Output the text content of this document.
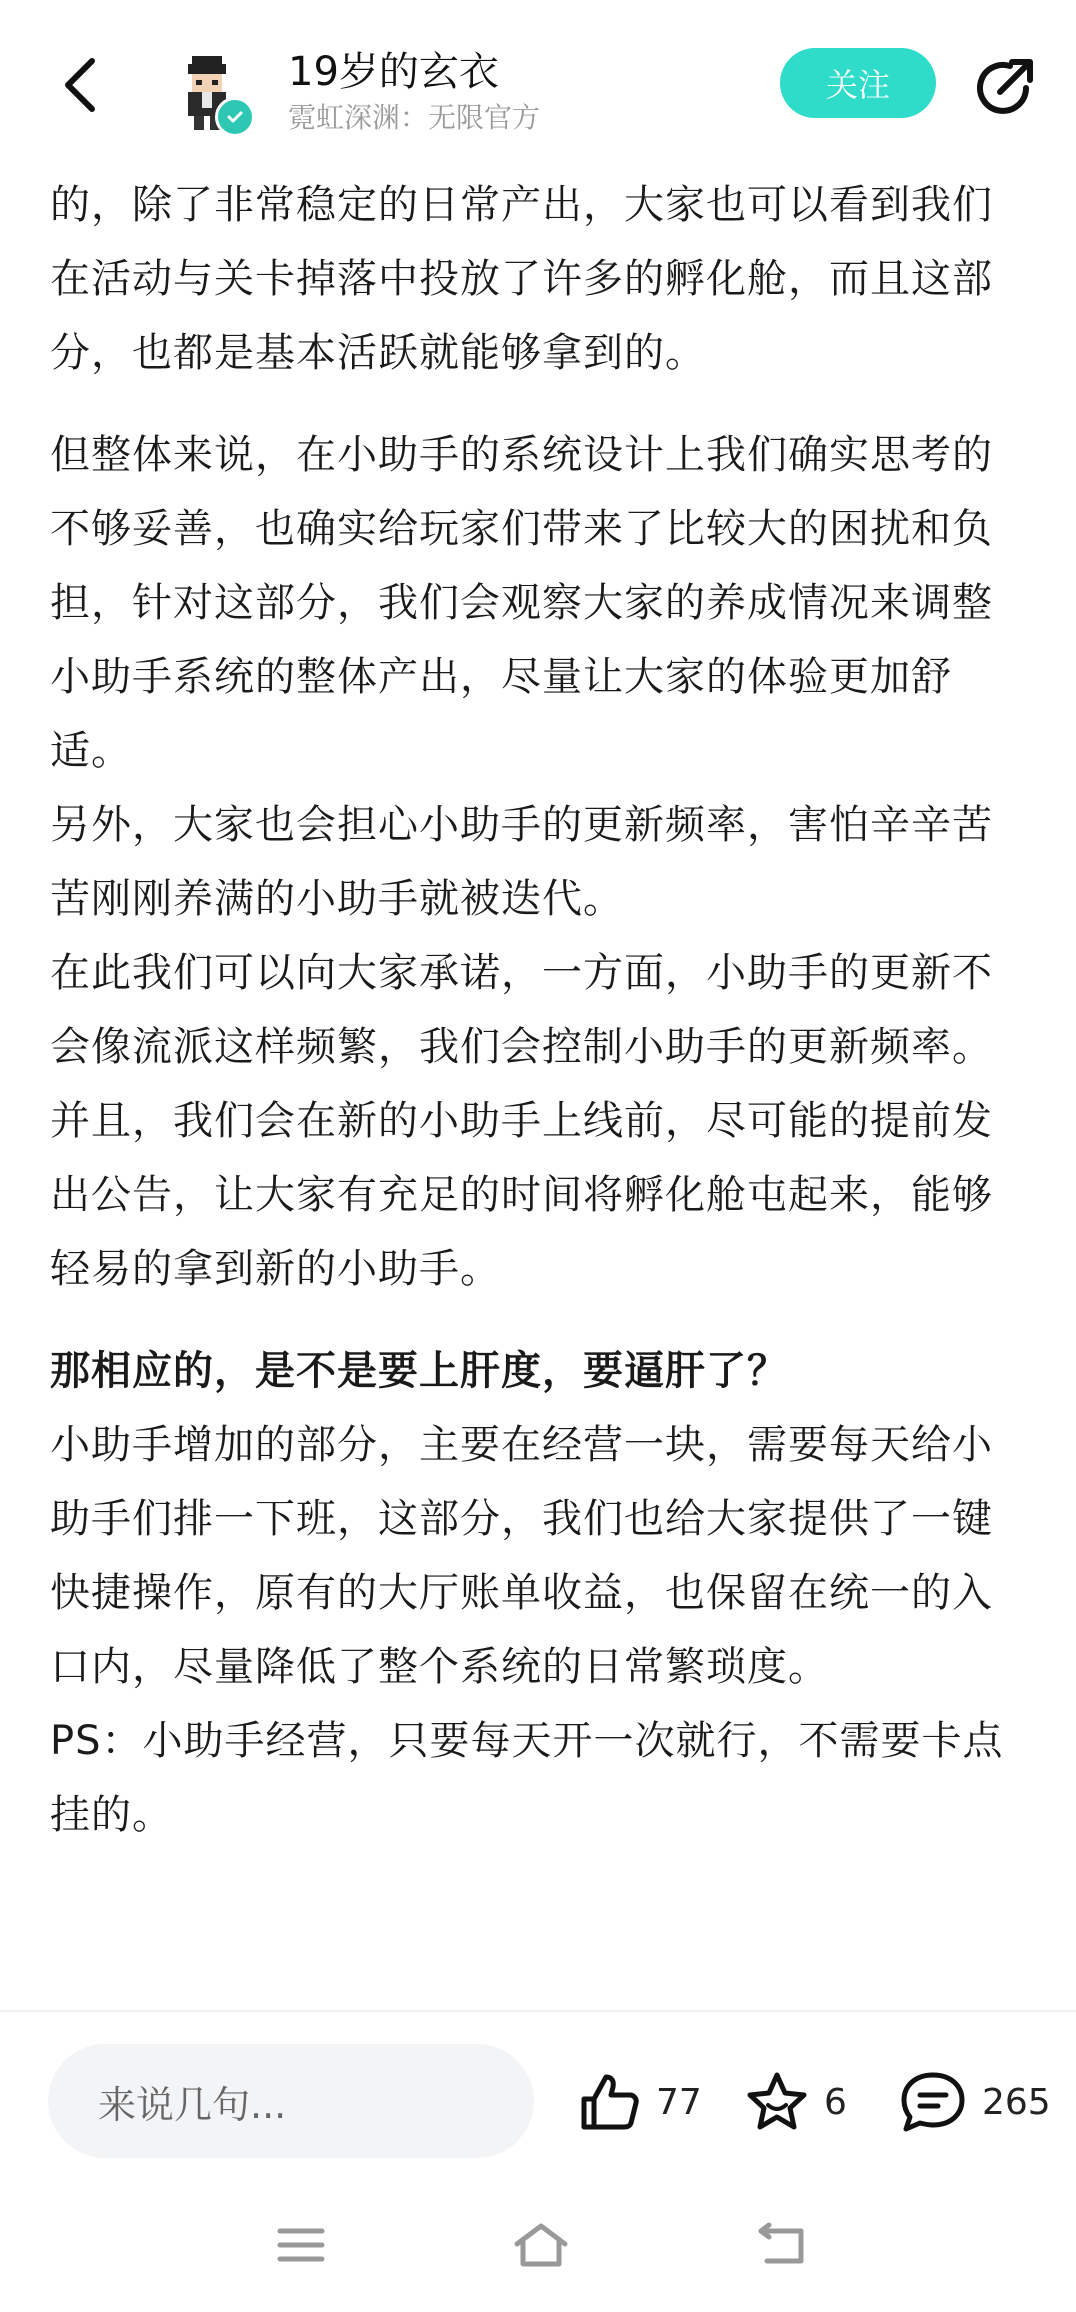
19岁的玄衣
霓虹深渊：无限官方
关注

的，除了非常稳定的日常产出，大家也可以看到我们在活动与关卡掉落中投放了许多的孵化舱，而且这部分，也都是基本活跃就能够拿到的。

但整体来说，在小助手的系统设计上我们确实思考的不够妥善，也确实给玩家们带来了比较大的困扰和负担，针对这部分，我们会观察大家的养成情况来调整小助手系统的整体产出，尽量让大家的体验更加舒适。

另外，大家也会担心小助手的更新频率，害怕辛辛苦苦刚刚养满的小助手就被迭代。

在此我们可以向大家承诺，一方面，小助手的更新不会像流派这样频繁，我们会控制小助手的更新频率。并且，我们会在新的小助手上线前，尽可能的提前发出公告，让大家有充足的时间将孵化舱屯起来，能够轻易的拿到新的小助手。

那相应的，是不是要上肝度，要逼肝了？

小助手增加的部分，主要在经营一块，需要每天给小助手们排一下班，这部分，我们也给大家提供了一键快捷操作，原有的大厅账单收益，也保留在统一的入口内，尽量降低了整个系统的日常繁琐度。

PS：小助手经营，只要每天开一次就行，不需要卡点挂的。

来说几句...	77	6	265
